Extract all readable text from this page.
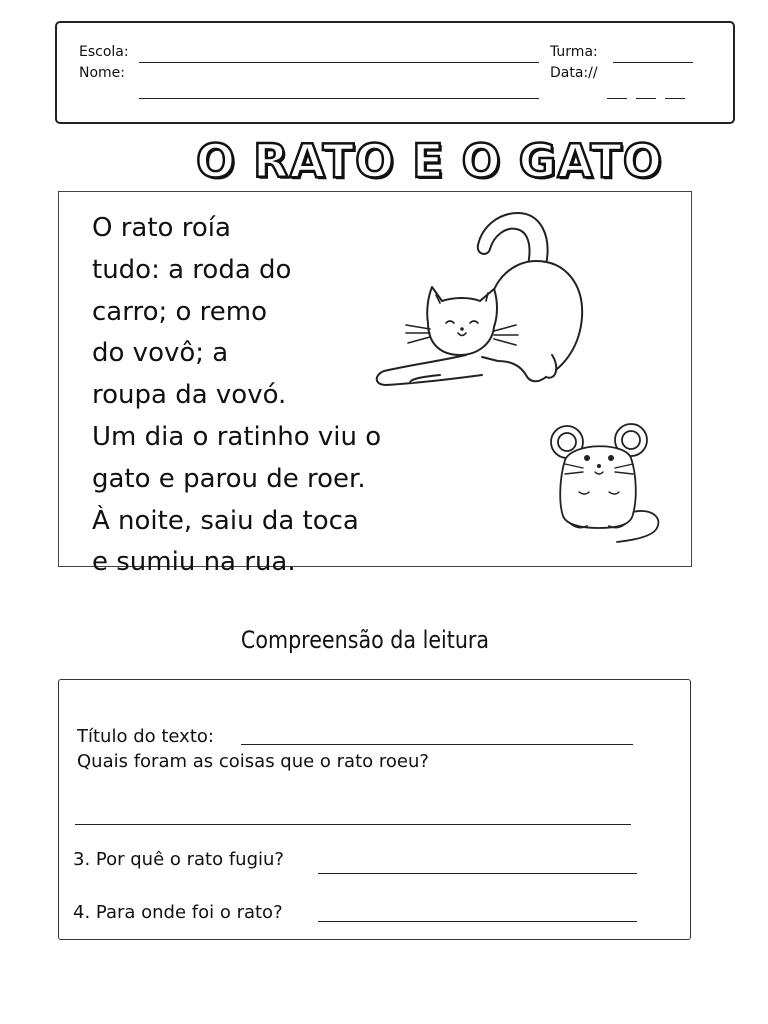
Escola:
Nome:
Turma:
Data://
O RATO E O GATO
O rato roía
tudo: a roda do
carro; o remo
do vovô; a
roupa da vovó.
Um dia o ratinho viu o
gato e parou de roer.
À noite, saiu da toca
e sumiu na rua.
Compreensão da leitura
Título do texto:
Quais foram as coisas que o rato roeu?
3. Por quê o rato fugiu?
4. Para onde foi o rato?
